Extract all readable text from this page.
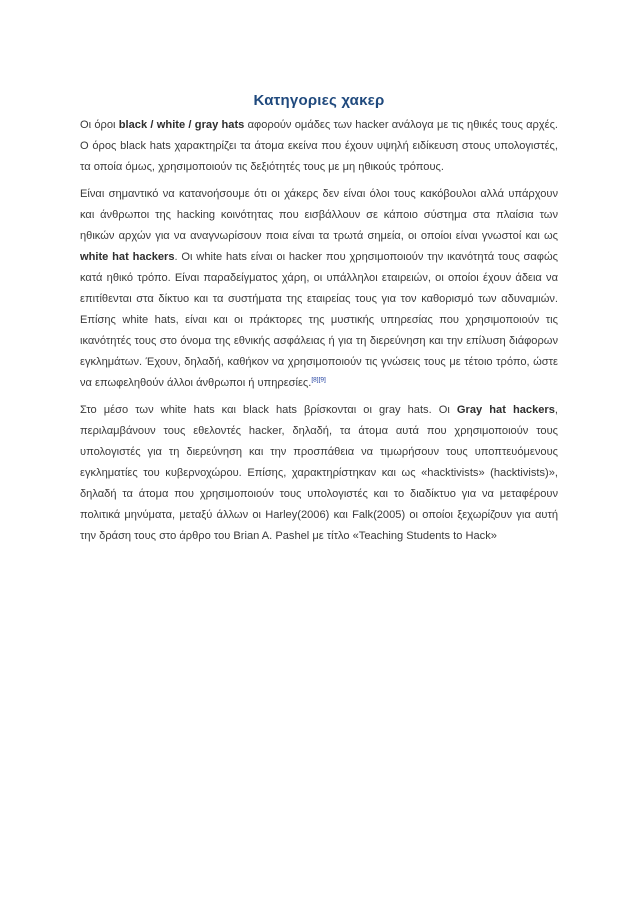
Κατηγοριες χακερ

Οι όροι black / white / gray hats αφορούν ομάδες των hacker ανάλογα με τις ηθικές τους αρχές. Ο όρος black hats χαρακτηρίζει τα άτομα εκείνα που έχουν υψηλή ειδίκευση στους υπολογιστές, τα οποία όμως, χρησιμοποιούν τις δεξιότητές τους με μη ηθικούς τρόπους.

Είναι σημαντικό να κατανοήσουμε ότι οι χάκερς δεν είναι όλοι τους κακόβουλοι αλλά υπάρχουν και άνθρωποι της hacking κοινότητας που εισβάλλουν σε κάποιο σύστημα στα πλαίσια των ηθικών αρχών για να αναγνωρίσουν ποια είναι τα τρωτά σημεία, οι οποίοι είναι γνωστοί και ως white hat hackers. Οι white hats είναι οι hacker που χρησιμοποιούν την ικανότητά τους σαφώς κατά ηθικό τρόπο. Είναι παραδείγματος χάρη, οι υπάλληλοι εταιρειών, οι οποίοι έχουν άδεια να επιτίθενται στα δίκτυο και τα συστήματα της εταιρείας τους για τον καθορισμό των αδυναμιών. Επίσης white hats, είναι και οι πράκτορες της μυστικής υπηρεσίας που χρησιμοποιούν τις ικανότητές τους στο όνομα της εθνικής ασφάλειας ή για τη διερεύνηση και την επίλυση διάφορων εγκλημάτων. Έχουν, δηλαδή, καθήκον να χρησιμοποιούν τις γνώσεις τους με τέτοιο τρόπο, ώστε να επωφεληθούν άλλοι άνθρωποι ή υπηρεσίες.[8][9]

Στο μέσο των white hats και black hats βρίσκονται οι gray hats. Οι Gray hat hackers, περιλαμβάνουν τους εθελοντές hacker, δηλαδή, τα άτομα αυτά που χρησιμοποιούν τους υπολογιστές για τη διερεύνηση και την προσπάθεια να τιμωρήσουν τους υποπτευόμενους εγκληματίες του κυβερνοχώρου. Επίσης, χαρακτηρίστηκαν και ως «hacktivists» (hacktivists)», δηλαδή τα άτομα που χρησιμοποιούν τους υπολογιστές και το διαδίκτυο για να μεταφέρουν πολιτικά μηνύματα, μεταξύ άλλων οι Harley(2006) και Falk(2005) οι οποίοι ξεχωρίζουν για αυτή την δράση τους στο άρθρο του Brian A. Pashel με τίτλο «Teaching Students to Hack»
